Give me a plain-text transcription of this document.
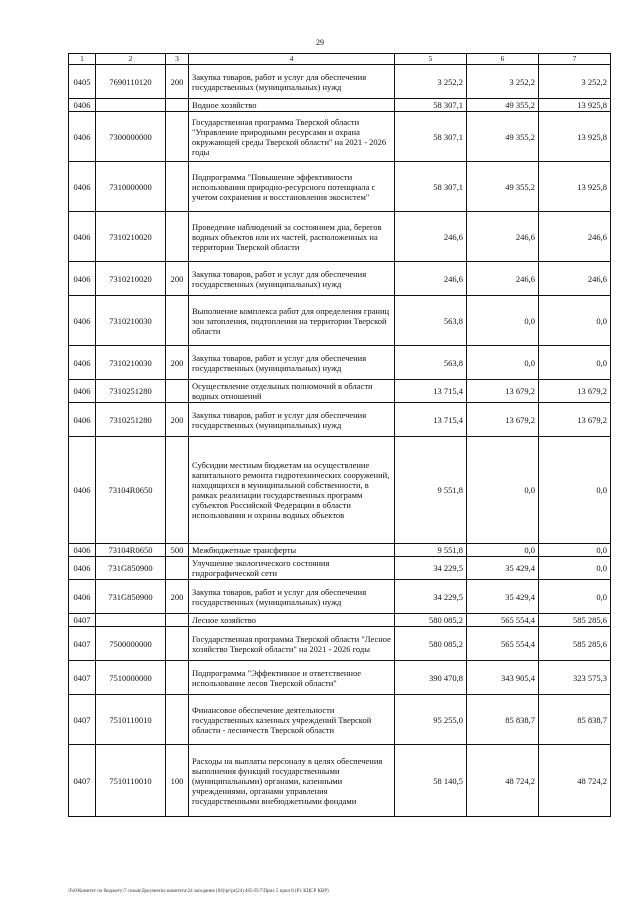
29
1	2	3	4	5	6	7
0405	7690110120	200	Закупка товаров, работ и услуг для обеспечения государственных (муниципальных) нужд	3 252,2	3 252,2	3 252,2
0406			Водное хозяйство	58 307,1	49 355,2	13 925,8
0406	7300000000		Государственная программа Тверской области "Управление природными ресурсами и охрана окружающей среды Тверской области" на 2021 - 2026 годы	58 307,1	49 355,2	13 925,8
0406	7310000000		Подпрограмма "Повышение эффективности использования природно-ресурсного потенциала с учетом сохранения и восстановления экосистем"	58 307,1	49 355,2	13 925,8
0406	7310210020		Проведение наблюдений за состоянием дна, берегов водных объектов или их частей, расположенных на территории Тверской области	246,6	246,6	246,6
0406	7310210020	200	Закупка товаров, работ и услуг для обеспечения государственных (муниципальных) нужд	246,6	246,6	246,6
0406	7310210030		Выполнение комплекса работ для определения границ зон затопления, подтопления на территории Тверской области	563,8	0,0	0,0
0406	7310210030	200	Закупка товаров, работ и услуг для обеспечения государственных (муниципальных) нужд	563,8	0,0	0,0
0406	7310251280		Осуществление отдельных полномочий в области водных отношений	13 715,4	13 679,2	13 679,2
0406	7310251280	200	Закупка товаров, работ и услуг для обеспечения государственных (муниципальных) нужд	13 715,4	13 679,2	13 679,2
0406	73104R0650		Субсидии местным бюджетам на осуществление капитального ремонта гидротехнических сооружений, находящихся в муниципальной собственности, в рамках реализации государственных программ субъектов Российской Федерации в области использования и охраны водных объектов	9 551,8	0,0	0,0
0406	73104R0650	500	Межбюджетные трансферты	9 551,8	0,0	0,0
0406	731G850900		Улучшение экологического состояния гидрографической сети	34 229,5	35 429,4	0,0
0406	731G850900	200	Закупка товаров, работ и услуг для обеспечения государственных (муниципальных) нужд	34 229,5	35 429,4	0,0
0407			Лесное хозяйство	580 085,2	565 554,4	585 285,6
0407	7500000000		Государственная программа Тверской области "Лесное хозяйство Тверской области" на 2021 - 2026 годы	580 085,2	565 554,4	585 285,6
0407	7510000000		Подпрограмма "Эффективное и ответственное использование лесов Тверской области"	390 470,8	343 905,4	323 575,3
0407	7510110010		Финансовое обеспечение деятельности государственных казенных учреждений Тверской области - лесничеств Тверской области	95 255,0	85 838,7	85 838,7
0407	7510110010	100	Расходы на выплаты персоналу в целях обеспечения выполнения функций государственными (муниципальными) органами, казенными учреждениями, органами управления государственными внебюджетными фондами	58 140,5	48 724,2	48 724,2
\Fs0\Комитет по бюджету\7 созыв\Документы комитета\24 заседание (04)\pr\pr(24) 465-П-7\Прил 5 прил 8 (Р1 КЦСР КВР)
